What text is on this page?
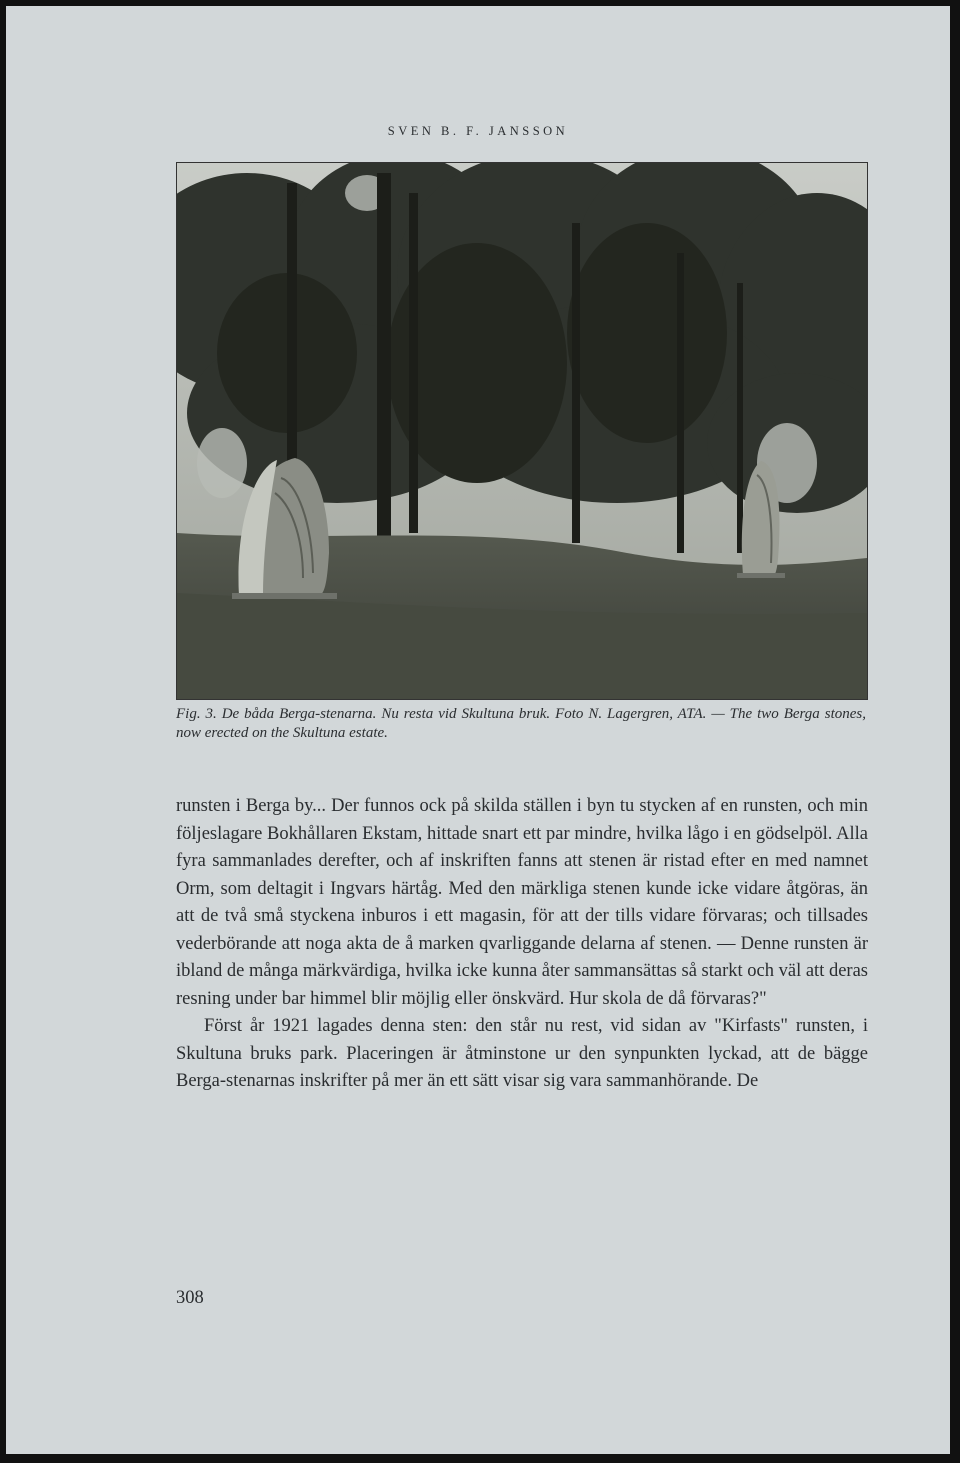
SVEN B. F. JANSSON
Fig. 3. De båda Berga-stenarna. Nu resta vid Skultuna bruk. Foto N. Lagergren, ATA. — The two Berga stones, now erected on the Skultuna estate.

runsten i Berga by... Der funnos ock på skilda ställen i byn tu stycken af en runsten, och min följeslagare Bokhållaren Ekstam, hittade snart ett par mindre, hvilka lågo i en gödselpöl. Alla fyra sammanlades derefter, och af inskriften fanns att stenen är ristad efter en med namnet Orm, som deltagit i Ingvars härtåg. Med den märkliga stenen kunde icke vidare åtgöras, än att de två små styckena inburos i ett magasin, för att der tills vidare förvaras; och tillsades vederbörande att noga akta de å marken qvarliggande delarna af stenen. — Denne runsten är ibland de många märkvärdiga, hvilka icke kunna åter sammansättas så starkt och väl att deras resning under bar himmel blir möjlig eller önskvärd. Hur skola de då förvaras?"

Först år 1921 lagades denna sten: den står nu rest, vid sidan av "Kirfasts" runsten, i Skultuna bruks park. Placeringen är åtminstone ur den synpunkten lyckad, att de bägge Berga-stenarnas inskrifter på mer än ett sätt visar sig vara sammanhörande. De

308
